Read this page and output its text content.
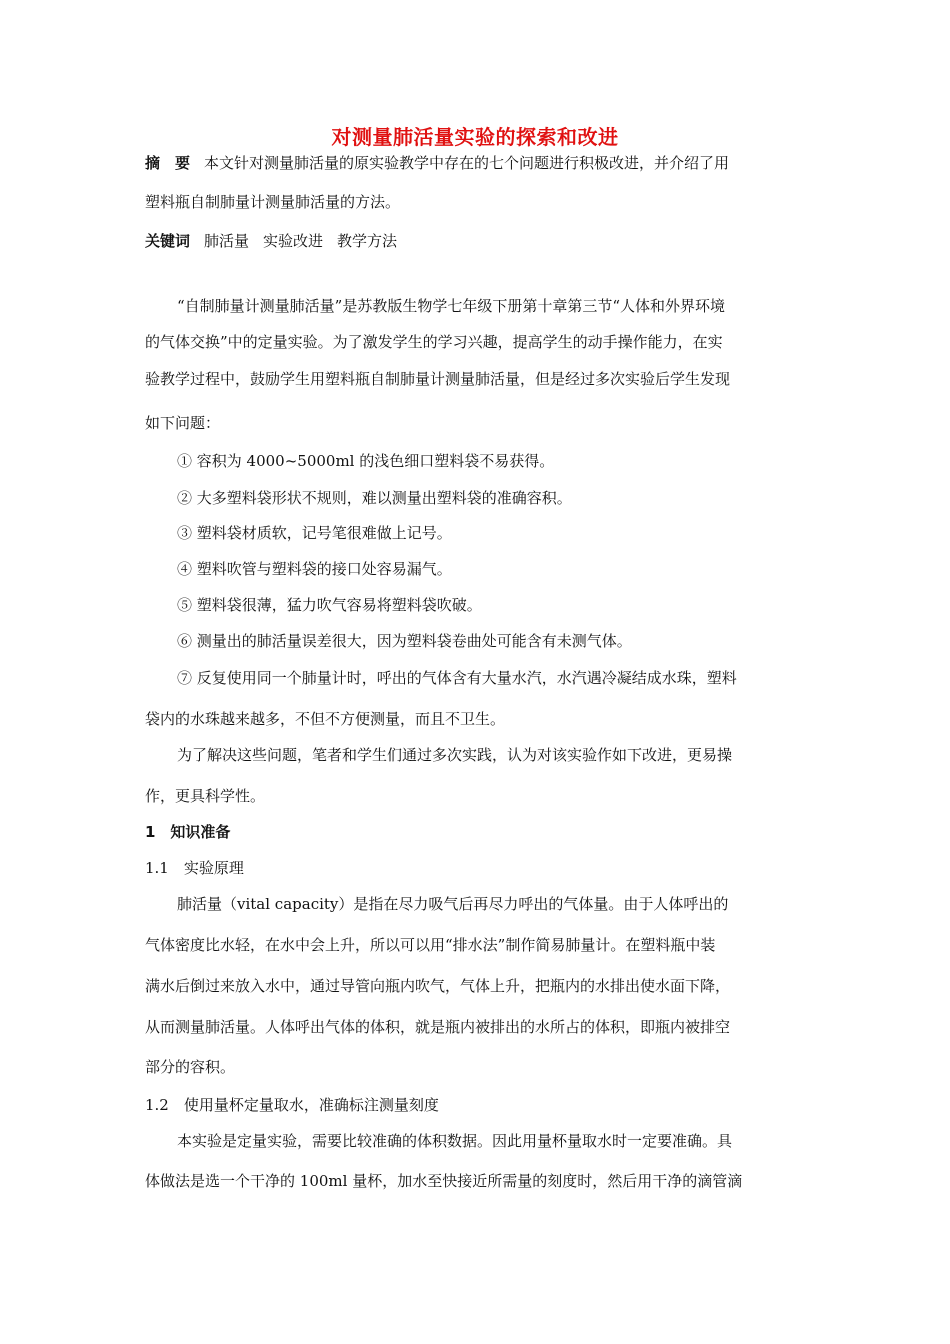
对测量肺活量实验的探索和改进
摘　要 本文针对测量肺活量的原实验教学中存在的七个问题进行积极改进，并介绍了用
塑料瓶自制肺量计测量肺活量的方法。
关键词 肺活量 实验改进 教学方法
“自制肺量计测量肺活量”是苏教版生物学七年级下册第十章第三节“人体和外界环境
的气体交换”中的定量实验。为了激发学生的学习兴趣，提高学生的动手操作能力，在实
验教学过程中，鼓励学生用塑料瓶自制肺量计测量肺活量，但是经过多次实验后学生发现
如下问题：
① 容积为 4000~5000ml 的浅色细口塑料袋不易获得。
② 大多塑料袋形状不规则，难以测量出塑料袋的准确容积。
③ 塑料袋材质软，记号笔很难做上记号。
④ 塑料吹管与塑料袋的接口处容易漏气。
⑤ 塑料袋很薄，猛力吹气容易将塑料袋吹破。
⑥ 测量出的肺活量误差很大，因为塑料袋卷曲处可能含有未测气体。
⑦ 反复使用同一个肺量计时，呼出的气体含有大量水汽，水汽遇冷凝结成水珠，塑料
袋内的水珠越来越多，不但不方便测量，而且不卫生。
为了解决这些问题，笔者和学生们通过多次实践，认为对该实验作如下改进，更易操
作，更具科学性。
1　知识准备
1.1　实验原理
肺活量（vital capacity）是指在尽力吸气后再尽力呼出的气体量。由于人体呼出的
气体密度比水轻，在水中会上升，所以可以用“排水法”制作简易肺量计。在塑料瓶中装
满水后倒过来放入水中，通过导管向瓶内吹气，气体上升，把瓶内的水排出使水面下降，
从而测量肺活量。人体呼出气体的体积，就是瓶内被排出的水所占的体积，即瓶内被排空
部分的容积。
1.2　使用量杯定量取水，准确标注测量刻度
本实验是定量实验，需要比较准确的体积数据。因此用量杯量取水时一定要准确。具
体做法是选一个干净的 100ml 量杯，加水至快接近所需量的刻度时，然后用干净的滴管滴
